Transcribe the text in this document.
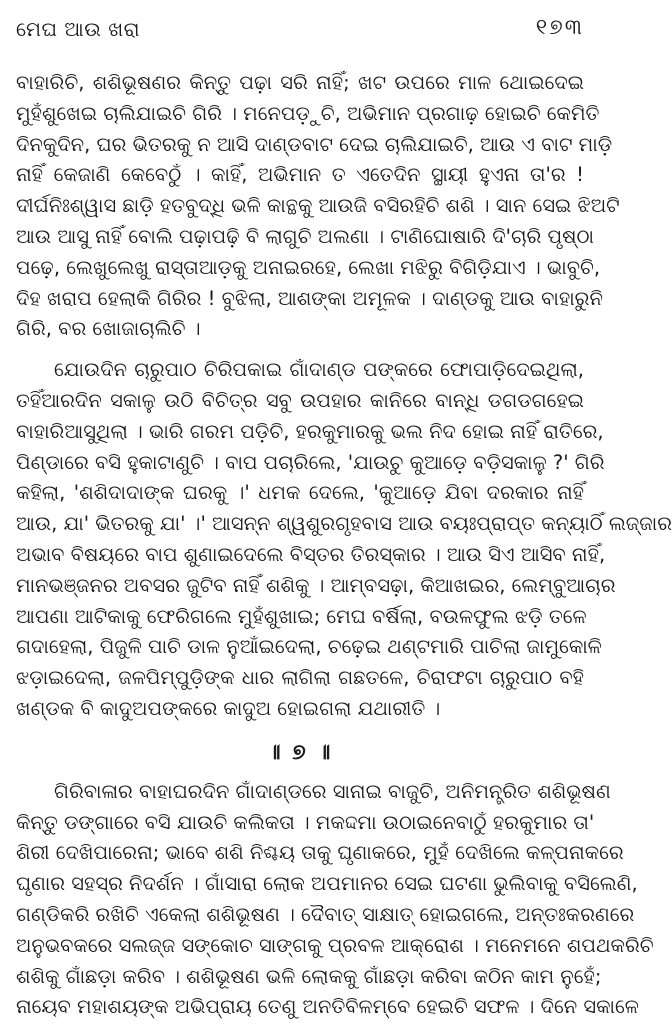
ମେଘ ଆଉ ଖରା	୧୭୩
ବାହାରିଚି, ଶଶିଭୂଷଣର କିନ୍ତୁ ପଢ଼ା ସରି ନାହିଁ; ଖଟ ଉପରେ ମାଳ ଥୋଇଦେଇ
ମୁହଁଶୁଖେଇ ଚାଲିଯାଇଚି ଗିରି । ମନେପଡ଼ୁଚି, ଅଭିମାନ ପ୍ରଗାଢ଼ ହୋଇଚି କେମିତି
ଦିନକୁଦିନ, ଘର ଭିତରକୁ ନ ଆସି ଦାଣ୍ଡବାଟ ଦେଇ ଚାଲିଯାଇଚି, ଆଉ ଏ ବାଟ ମାଡ଼ି
ନାହିଁ କେଜାଣି କେବେଠୁଁ । କାହିଁ, ଅଭିମାନ ତ ଏତେଦିନ ସ୍ଥାୟୀ ହୁଏନା ତା'ର !
ଦୀର୍ଘନିଃଶ୍ୱାସ ଛାଡ଼ି ହତବୁଦ୍ଧି ଭଳି କାନ୍ଥକୁ ଆଉଜି ବସିରହିଚି ଶଶି । ସାନ ସେଇ ଝିଅଟି
ଆଉ ଆସୁ ନାହିଁ ବୋଲି ପଢ଼ାପଢ଼ି ବି ଲାଗୁଚି ଅଲଣା । ଟାଣିଘୋଷାରି ଦି'ଚାରି ପୃଷ୍ଠା
ପଢ଼େ, ଲେଖୁଲେଖୁ ରାସ୍ତାଆଡ଼କୁ ଅନାଇରହେ, ଲେଖା ମଝିରୁ ବିଗିଡ଼ିଯାଏ । ଭାବୁଚି,
ଦିହ ଖରାପ ହେଲାକି ଗିରିର ! ବୁଝିଲା, ଆଶଙ୍କା ଅମୂଳକ । ଦାଣ୍ଡକୁ ଆଉ ବାହାରୁନି
ଗିରି, ବର ଖୋଜାଚାଲିଚି ।
ଯୋଉଦିନ ଚାରୁପାଠ ଚିରିପକାଇ ଗାଁଦାଣ୍ଡ ପଙ୍କରେ ଫୋପାଡ଼ିଦେଇଥିଲା,
ତହିଁଆରଦିନ ସକାଳୁ ଉଠି ବିଚିତ୍ର ସବୁ ଉପହାର କାନିରେ ବାନ୍ଧି ଡଗଡଗହେଇ
ବାହାରିଆସୁଥିଲା । ଭାରି ଗରମ ପଡ଼ିଚି, ହରକୁମାରକୁ ଭଲ ନିଦ ହୋଇ ନାହିଁ ରାତିରେ,
ପିଣ୍ଡାରେ ବସି ହୁକାଟାଣୁଚି । ବାପ ପଚାରିଲେ, 'ଯାଉଚୁ କୁଆଡ଼େ ବଡ଼ିସକାଳୁ ?' ଗିରି
କହିଲା, 'ଶଶିଦାଦାଙ୍କ ଘରକୁ ।' ଧମକ ଦେଲେ, 'କୁଆଡ଼େ ଯିବା ଦରକାର ନାହିଁ
ଆଉ, ଯା' ଭିତରକୁ ଯା' ।' ଆସନ୍ନ ଶ୍ୱଶୁରଗୃହବାସ ଆଉ ବୟଃପ୍ରାପ୍ତ କନ୍ୟାଠିଁ ଲଜ୍ଜାର
ଅଭାବ ବିଷୟରେ ବାପ ଶୁଣାଇଦେଲେ ବିସ୍ତର ତିରସ୍କାର । ଆଉ ସିଏ ଆସିବ ନାହିଁ,
ମାନଭଞ୍ଜନର ଅବସର ଜୁଟିବ ନାହିଁ ଶଶିକୁ । ଆମ୍ବସଢ଼ା, କିଆଖଇର, ଲେମ୍ବୁଆଚାର
ଆପଣା ଆଟିକାକୁ ଫେରିଗଲେ ମୁହଁଶୁଖାଇ; ମେଘ ବର୍ଷିଲା, ବଉଳଫୁଲ ଝଡ଼ି ତଳେ
ଗଦାହେଲା, ପିଜୁଳି ପାଚି ଡାଳ ନୁଆଁଇଦେଲା, ଚଢ଼େଇ ଥଣ୍ଟମାରି ପାଚିଲା ଜାମୁକୋଳି
ଝଡ଼ାଇଦେଲା, ଜଳପିମ୍ପୁଡ଼ିଙ୍କ ଧାର ଲାଗିଲା ଗଛତଳେ, ଚିରାଫଟା ଚାରୁପାଠ ବହି
ଖଣ୍ଡକ ବି କାଦୁଅପଙ୍କରେ କାଦୁଅ ହୋଇଗଲା ଯଥାରୀତି ।
॥ ୭ ॥
ଗିରିବାଳାର ବାହାଘରଦିନ ଗାଁଦାଣ୍ଡରେ ସାନାଇ ବାଜୁଚି, ଅନିମନ୍ତ୍ରିତ ଶଶିଭୂଷଣ
କିନ୍ତୁ ଡଙ୍ଗାରେ ବସି ଯାଉଚି କଲିକତା । ମକଦ୍ଦମା ଉଠାଇନେବାଠୁଁ ହରକୁମାର ତା'
ଶିରୀ ଦେଖିପାରେନା; ଭାବେ ଶଶି ନିଶ୍ଚୟ ତାକୁ ଘୃଣାକରେ, ମୁହଁ ଦେଖିଲେ କଳ୍ପନାକରେ
ଘୃଣାର ସହସ୍ର ନିଦର୍ଶନ । ଗାଁସାରା ଲୋକ ଅପମାନର ସେଇ ଘଟଣା ଭୁଲିବାକୁ ବସିଲେଣି,
ଗଣ୍ଡିକରି ରଖିଚି ଏକେଲା ଶଶିଭୂଷଣ । ଦୈବାତ୍ ସାକ୍ଷାତ୍ ହୋଇଗଲେ, ଅନ୍ତଃକରଣରେ
ଅନୁଭବକରେ ସଲଜ୍ଜ ସଙ୍କୋଚ ସାଙ୍ଗକୁ ପ୍ରବଳ ଆକ୍ରୋଶ । ମନେମନେ ଶପଥକରିଚି
ଶଶିକୁ ଗାଁଛଡ଼ା କରିବ । ଶଶିଭୂଷଣ ଭଳି ଲୋକକୁ ଗାଁଛଡ଼ା କରିବା କଠିନ କାମ ନୁହେଁ;
ନାୟେବ ମହାଶୟଙ୍କ ଅଭିପ୍ରାୟ ତେଣୁ ଅନତିବିଳମ୍ବେ ହେଇଚି ସଫଳ । ଦିନେ ସକାଳେ
